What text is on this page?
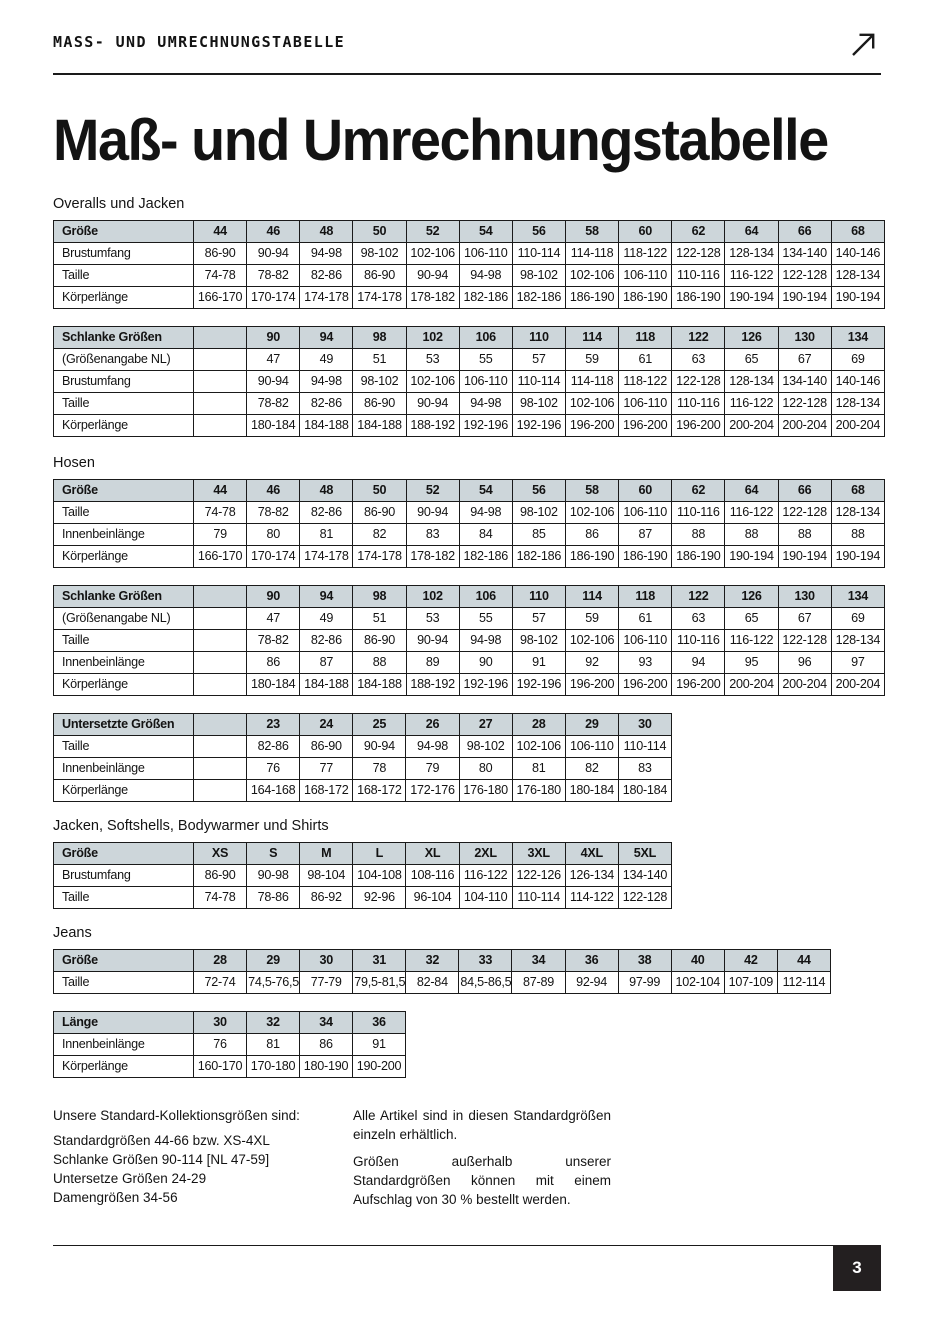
MASS- UND UMRECHNUNGSTABELLE
Maß- und Umrechnungstabelle
Overalls und Jacken
Größe	44	46	48	50	52	54	56	58	60	62	64	66	68
Brustumfang	86-90	90-94	94-98	98-102	102-106	106-110	110-114	114-118	118-122	122-128	128-134	134-140	140-146
Taille	74-78	78-82	82-86	86-90	90-94	94-98	98-102	102-106	106-110	110-116	116-122	122-128	128-134
Körperlänge	166-170	170-174	174-178	174-178	178-182	182-186	182-186	186-190	186-190	186-190	190-194	190-194	190-194
Schlanke Größen		90	94	98	102	106	110	114	118	122	126	130	134
(Größenangabe NL)		47	49	51	53	55	57	59	61	63	65	67	69
Brustumfang		90-94	94-98	98-102	102-106	106-110	110-114	114-118	118-122	122-128	128-134	134-140	140-146
Taille		78-82	82-86	86-90	90-94	94-98	98-102	102-106	106-110	110-116	116-122	122-128	128-134
Körperlänge		180-184	184-188	184-188	188-192	192-196	192-196	196-200	196-200	196-200	200-204	200-204	200-204
Hosen
Größe	44	46	48	50	52	54	56	58	60	62	64	66	68
Taille	74-78	78-82	82-86	86-90	90-94	94-98	98-102	102-106	106-110	110-116	116-122	122-128	128-134
Innenbeinlänge	79	80	81	82	83	84	85	86	87	88	88	88	88
Körperlänge	166-170	170-174	174-178	174-178	178-182	182-186	182-186	186-190	186-190	186-190	190-194	190-194	190-194
Schlanke Größen		90	94	98	102	106	110	114	118	122	126	130	134
(Größenangabe NL)		47	49	51	53	55	57	59	61	63	65	67	69
Taille		78-82	82-86	86-90	90-94	94-98	98-102	102-106	106-110	110-116	116-122	122-128	128-134
Innenbeinlänge		86	87	88	89	90	91	92	93	94	95	96	97
Körperlänge		180-184	184-188	184-188	188-192	192-196	192-196	196-200	196-200	196-200	200-204	200-204	200-204
Untersetzte Größen		23	24	25	26	27	28	29	30
Taille		82-86	86-90	90-94	94-98	98-102	102-106	106-110	110-114
Innenbeinlänge		76	77	78	79	80	81	82	83
Körperlänge		164-168	168-172	168-172	172-176	176-180	176-180	180-184	180-184
Jacken, Softshells, Bodywarmer und Shirts
Größe	XS	S	M	L	XL	2XL	3XL	4XL	5XL
Brustumfang	86-90	90-98	98-104	104-108	108-116	116-122	122-126	126-134	134-140
Taille	74-78	78-86	86-92	92-96	96-104	104-110	110-114	114-122	122-128
Jeans
Größe	28	29	30	31	32	33	34	36	38	40	42	44
Taille	72-74	74,5-76,5	77-79	79,5-81,5	82-84	84,5-86,5	87-89	92-94	97-99	102-104	107-109	112-114
Länge	30	32	34	36
Innenbeinlänge	76	81	86	91
Körperlänge	160-170	170-180	180-190	190-200

Unsere Standard-Kollektionsgrößen sind:

Standardgrößen 44-66 bzw. XS-4XL
Schlanke Größen 90-114 [NL 47-59]
Untersetze Größen 24-29
Damengrößen 34-56

Alle Artikel sind in diesen Standardgrößen einzeln erhältlich.

Größen außerhalb unserer Standardgrößen können mit einem Aufschlag von 30 % bestellt werden.

3
